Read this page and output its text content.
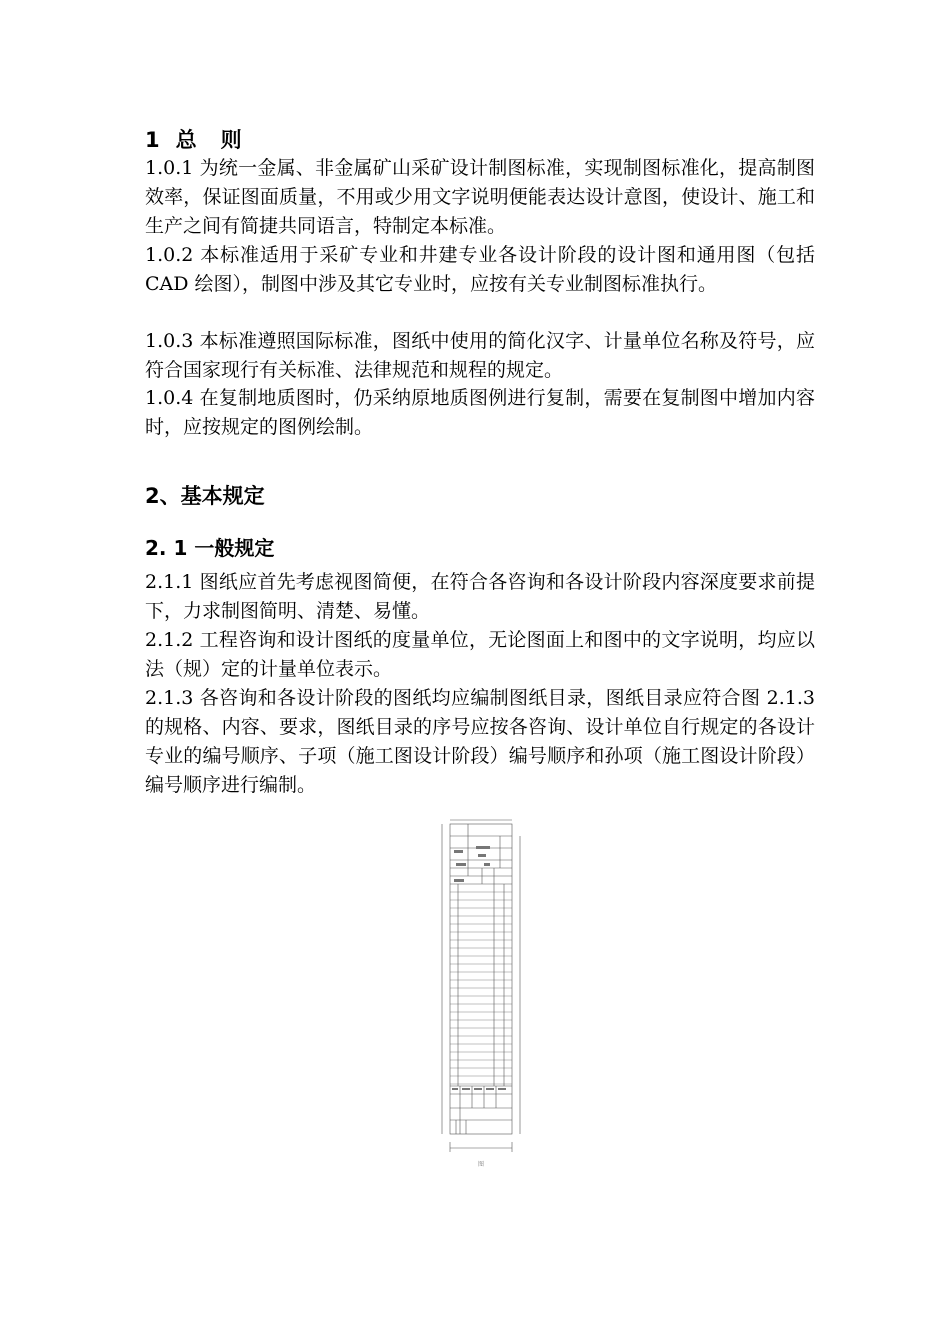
1 总 则
1.0.1 为统一金属、非金属矿山采矿设计制图标准，实现制图标准化，提高制图效率，保证图面质量，不用或少用文字说明便能表达设计意图，使设计、施工和生产之间有简捷共同语言，特制定本标准。
1.0.2 本标准适用于采矿专业和井建专业各设计阶段的设计图和通用图（包括 CAD 绘图），制图中涉及其它专业时，应按有关专业制图标准执行。
1.0.3 本标准遵照国际标准，图纸中使用的简化汉字、计量单位名称及符号，应符合国家现行有关标准、法律规范和规程的规定。
1.0.4 在复制地质图时，仍采纳原地质图例进行复制，需要在复制图中增加内容时，应按规定的图例绘制。
2、基本规定
2. 1 一般规定
2.1.1 图纸应首先考虑视图简便，在符合各咨询和各设计阶段内容深度要求前提下，力求制图简明、清楚、易懂。
2.1.2 工程咨询和设计图纸的度量单位，无论图面上和图中的文字说明，均应以法（规）定的计量单位表示。
2.1.3 各咨询和各设计阶段的图纸均应编制图纸目录，图纸目录应符合图 2.1.3 的规格、内容、要求，图纸目录的序号应按各咨询、设计单位自行规定的各设计专业的编号顺序、子项（施工图设计阶段）编号顺序和孙项（施工图设计阶段）编号顺序进行编制。
图
